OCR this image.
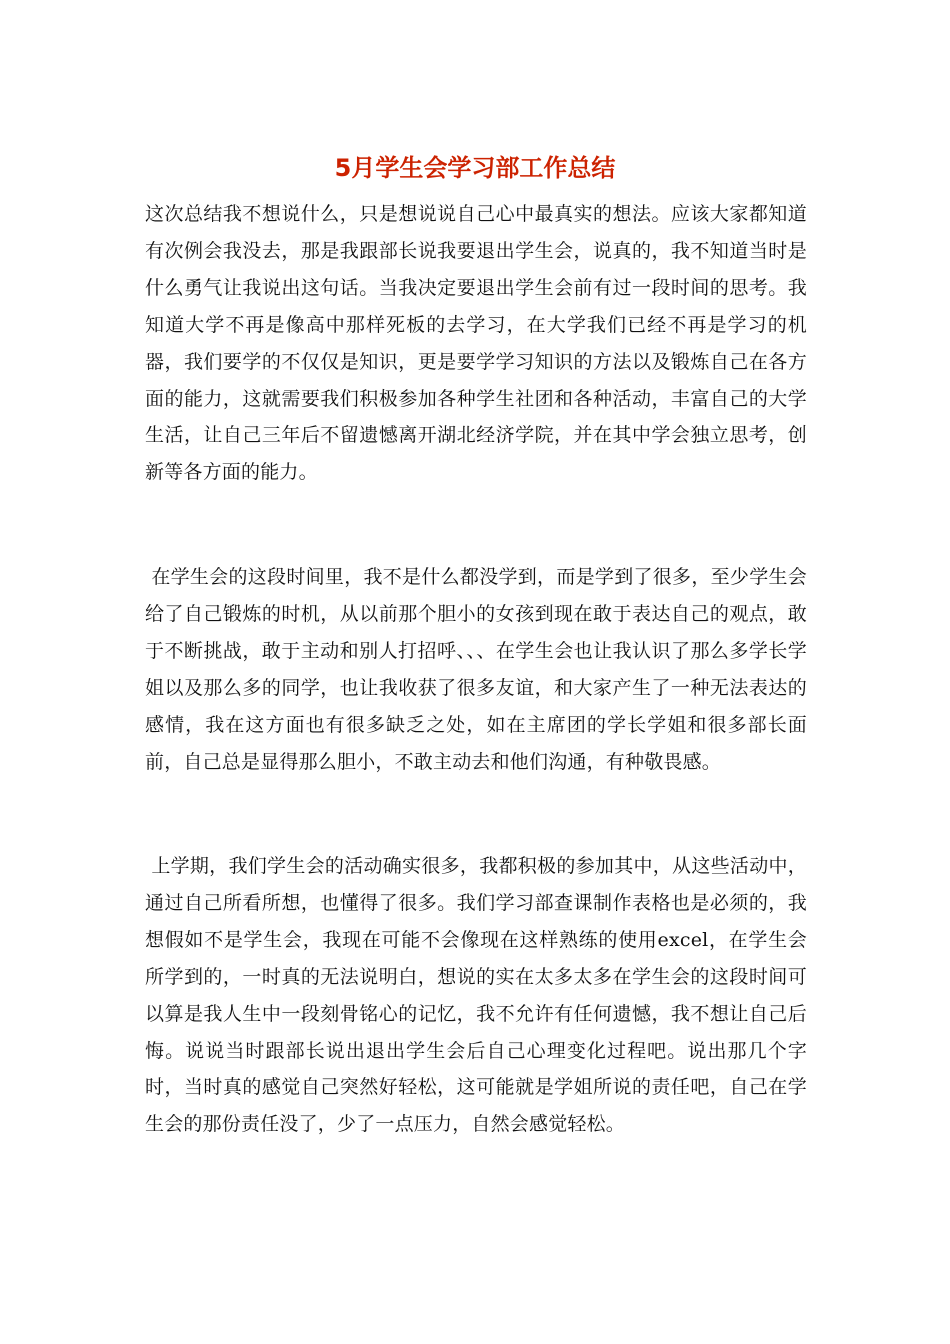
5月学生会学习部工作总结

这次总结我不想说什么，只是想说说自己心中最真实的想法。应该大家都知道有次例会我没去，那是我跟部长说我要退出学生会，说真的，我不知道当时是什么勇气让我说出这句话。当我决定要退出学生会前有过一段时间的思考。我知道大学不再是像高中那样死板的去学习，在大学我们已经不再是学习的机器，我们要学的不仅仅是知识，更是要学学习知识的方法以及锻炼自己在各方面的能力，这就需要我们积极参加各种学生社团和各种活动，丰富自己的大学生活，让自己三年后不留遗憾离开湖北经济学院，并在其中学会独立思考，创新等各方面的能力。

在学生会的这段时间里，我不是什么都没学到，而是学到了很多，至少学生会给了自己锻炼的时机，从以前那个胆小的女孩到现在敢于表达自己的观点，敢于不断挑战，敢于主动和别人打招呼、、、在学生会也让我认识了那么多学长学姐以及那么多的同学，也让我收获了很多友谊，和大家产生了一种无法表达的感情，我在这方面也有很多缺乏之处，如在主席团的学长学姐和很多部长面前，自己总是显得那么胆小，不敢主动去和他们沟通，有种敬畏感。

上学期，我们学生会的活动确实很多，我都积极的参加其中，从这些活动中，通过自己所看所想，也懂得了很多。我们学习部查课制作表格也是必须的，我想假如不是学生会，我现在可能不会像现在这样熟练的使用excel，在学生会所学到的，一时真的无法说明白，想说的实在太多太多在学生会的这段时间可以算是我人生中一段刻骨铭心的记忆，我不允许有任何遗憾，我不想让自己后悔。说说当时跟部长说出退出学生会后自己心理变化过程吧。说出那几个字时，当时真的感觉自己突然好轻松，这可能就是学姐所说的责任吧，自己在学生会的那份责任没了，少了一点压力，自然会感觉轻松。
